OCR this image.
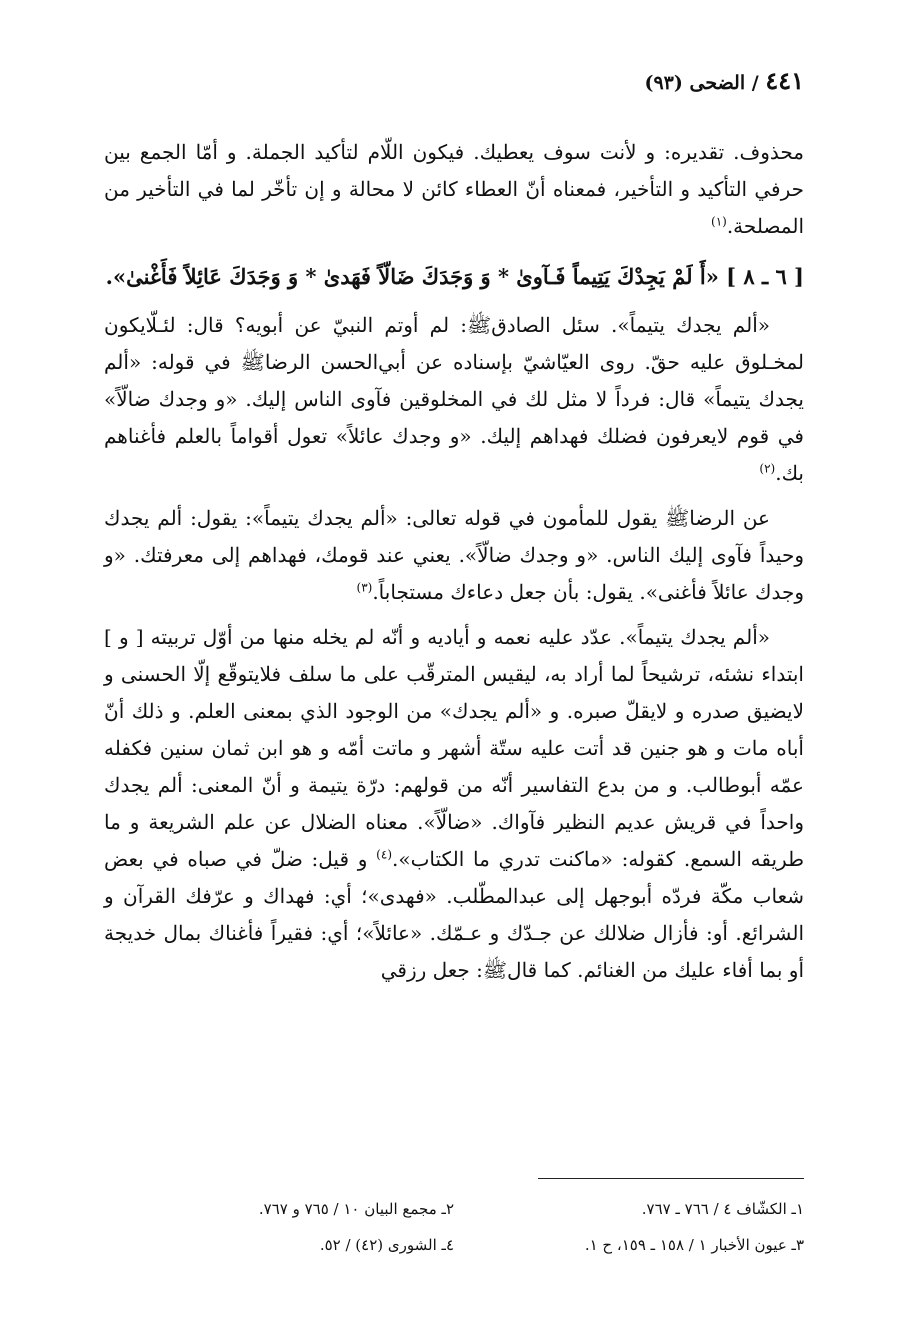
٤٤١ / الضحى (٩٣)

محذوف. تقديره: و لأنت سوف يعطيك. فيكون اللّام لتأكيد الجملة. و أمّا الجمع بين حرفي التأكيد و التأخير، فمعناه أنّ العطاء كائن لا محالة و إن تأخّر لما في التأخير من المصلحة.$^{(١)}$

[ ٦ ـ ٨ ] «أَ لَمْ يَجِدْكَ يَتِيماً فَـآوىٰ * وَ وَجَدَكَ ضَالّاً فَهَدىٰ * وَ وَجَدَكَ عَائِلاً فَأَغْنىٰ».

«ألم يجدك يتيماً». سئل الصادقﷺ: لم أوتم النبيّ عن أبويه؟ قال: لئـلّايكون لمخـلوق عليه حقّ. روى العيّاشيّ بإسناده عن أبي‌الحسن الرضاﷺ في قوله: «ألم يجدك يتيماً» قال: فرداً لا مثل لك في المخلوقين فآوى الناس إليك. «و وجدك ضالّاً» في قوم لايعرفون فضلك فهداهم إليك. «و وجدك عائلاً» تعول أقواماً بالعلم فأغناهم بك.$^{(٢)}$

عن الرضاﷺ يقول للمأمون في قوله تعالى: «ألم يجدك يتيماً»: يقول: ألم يجدك وحيداً فآوى إليك الناس. «و وجدك ضالّاً». يعني عند قومك، فهداهم إلى معرفتك. «و وجدك عائلاً فأغنى». يقول: بأن جعل دعاءك مستجاباً.$^{(٣)}$

«ألم يجدك يتيماً». عدّد عليه نعمه و أياديه و أنّه لم يخله منها من أوّل تربيته [ و ] ابتداء نشئه، ترشيحاً لما أراد به، ليقيس المترقّب على ما سلف فلايتوقّع إلّا الحسنى و لايضيق صدره و لايقلّ صبره. و «ألم يجدك» من الوجود الذي بمعنى العلم. و ذلك أنّ أباه مات و هو جنين قد أتت عليه ستّة أشهر و ماتت أمّه و هو ابن ثمان سنين فكفله عمّه أبوطالب. و من بدع التفاسير أنّه من قولهم: درّة يتيمة و أنّ المعنى: ألم يجدك واحداً في قريش عديم النظير فآواك. «ضالّاً». معناه الضلال عن علم الشريعة و ما طريقه السمع. كقوله: «ماكنت تدري ما الكتاب».$^{(٤)}$ و قيل: ضلّ في صباه في بعض شعاب مكّة فردّه أبوجهل إلى عبدالمطّلب. «فهدى»؛ أي: فهداك و عرّفك القرآن و الشرائع. أو: فأزال ضلالك عن جـدّك و عـمّك. «عائلاً»؛ أي: فقيراً فأغناك بمال خديجة أو بما أفاء عليك من الغنائم. كما قالﷺ: جعل رزقي

١ـ الكشّاف ٤ / ٧٦٦ ـ ٧٦٧.
٢ـ مجمع البيان ١٠ / ٧٦٥ و ٧٦٧.
٣ـ عيون الأخبار ١ / ١٥٨ ـ ١٥٩، ح ١.
٤ـ الشورى (٤٢) / ٥٢.
